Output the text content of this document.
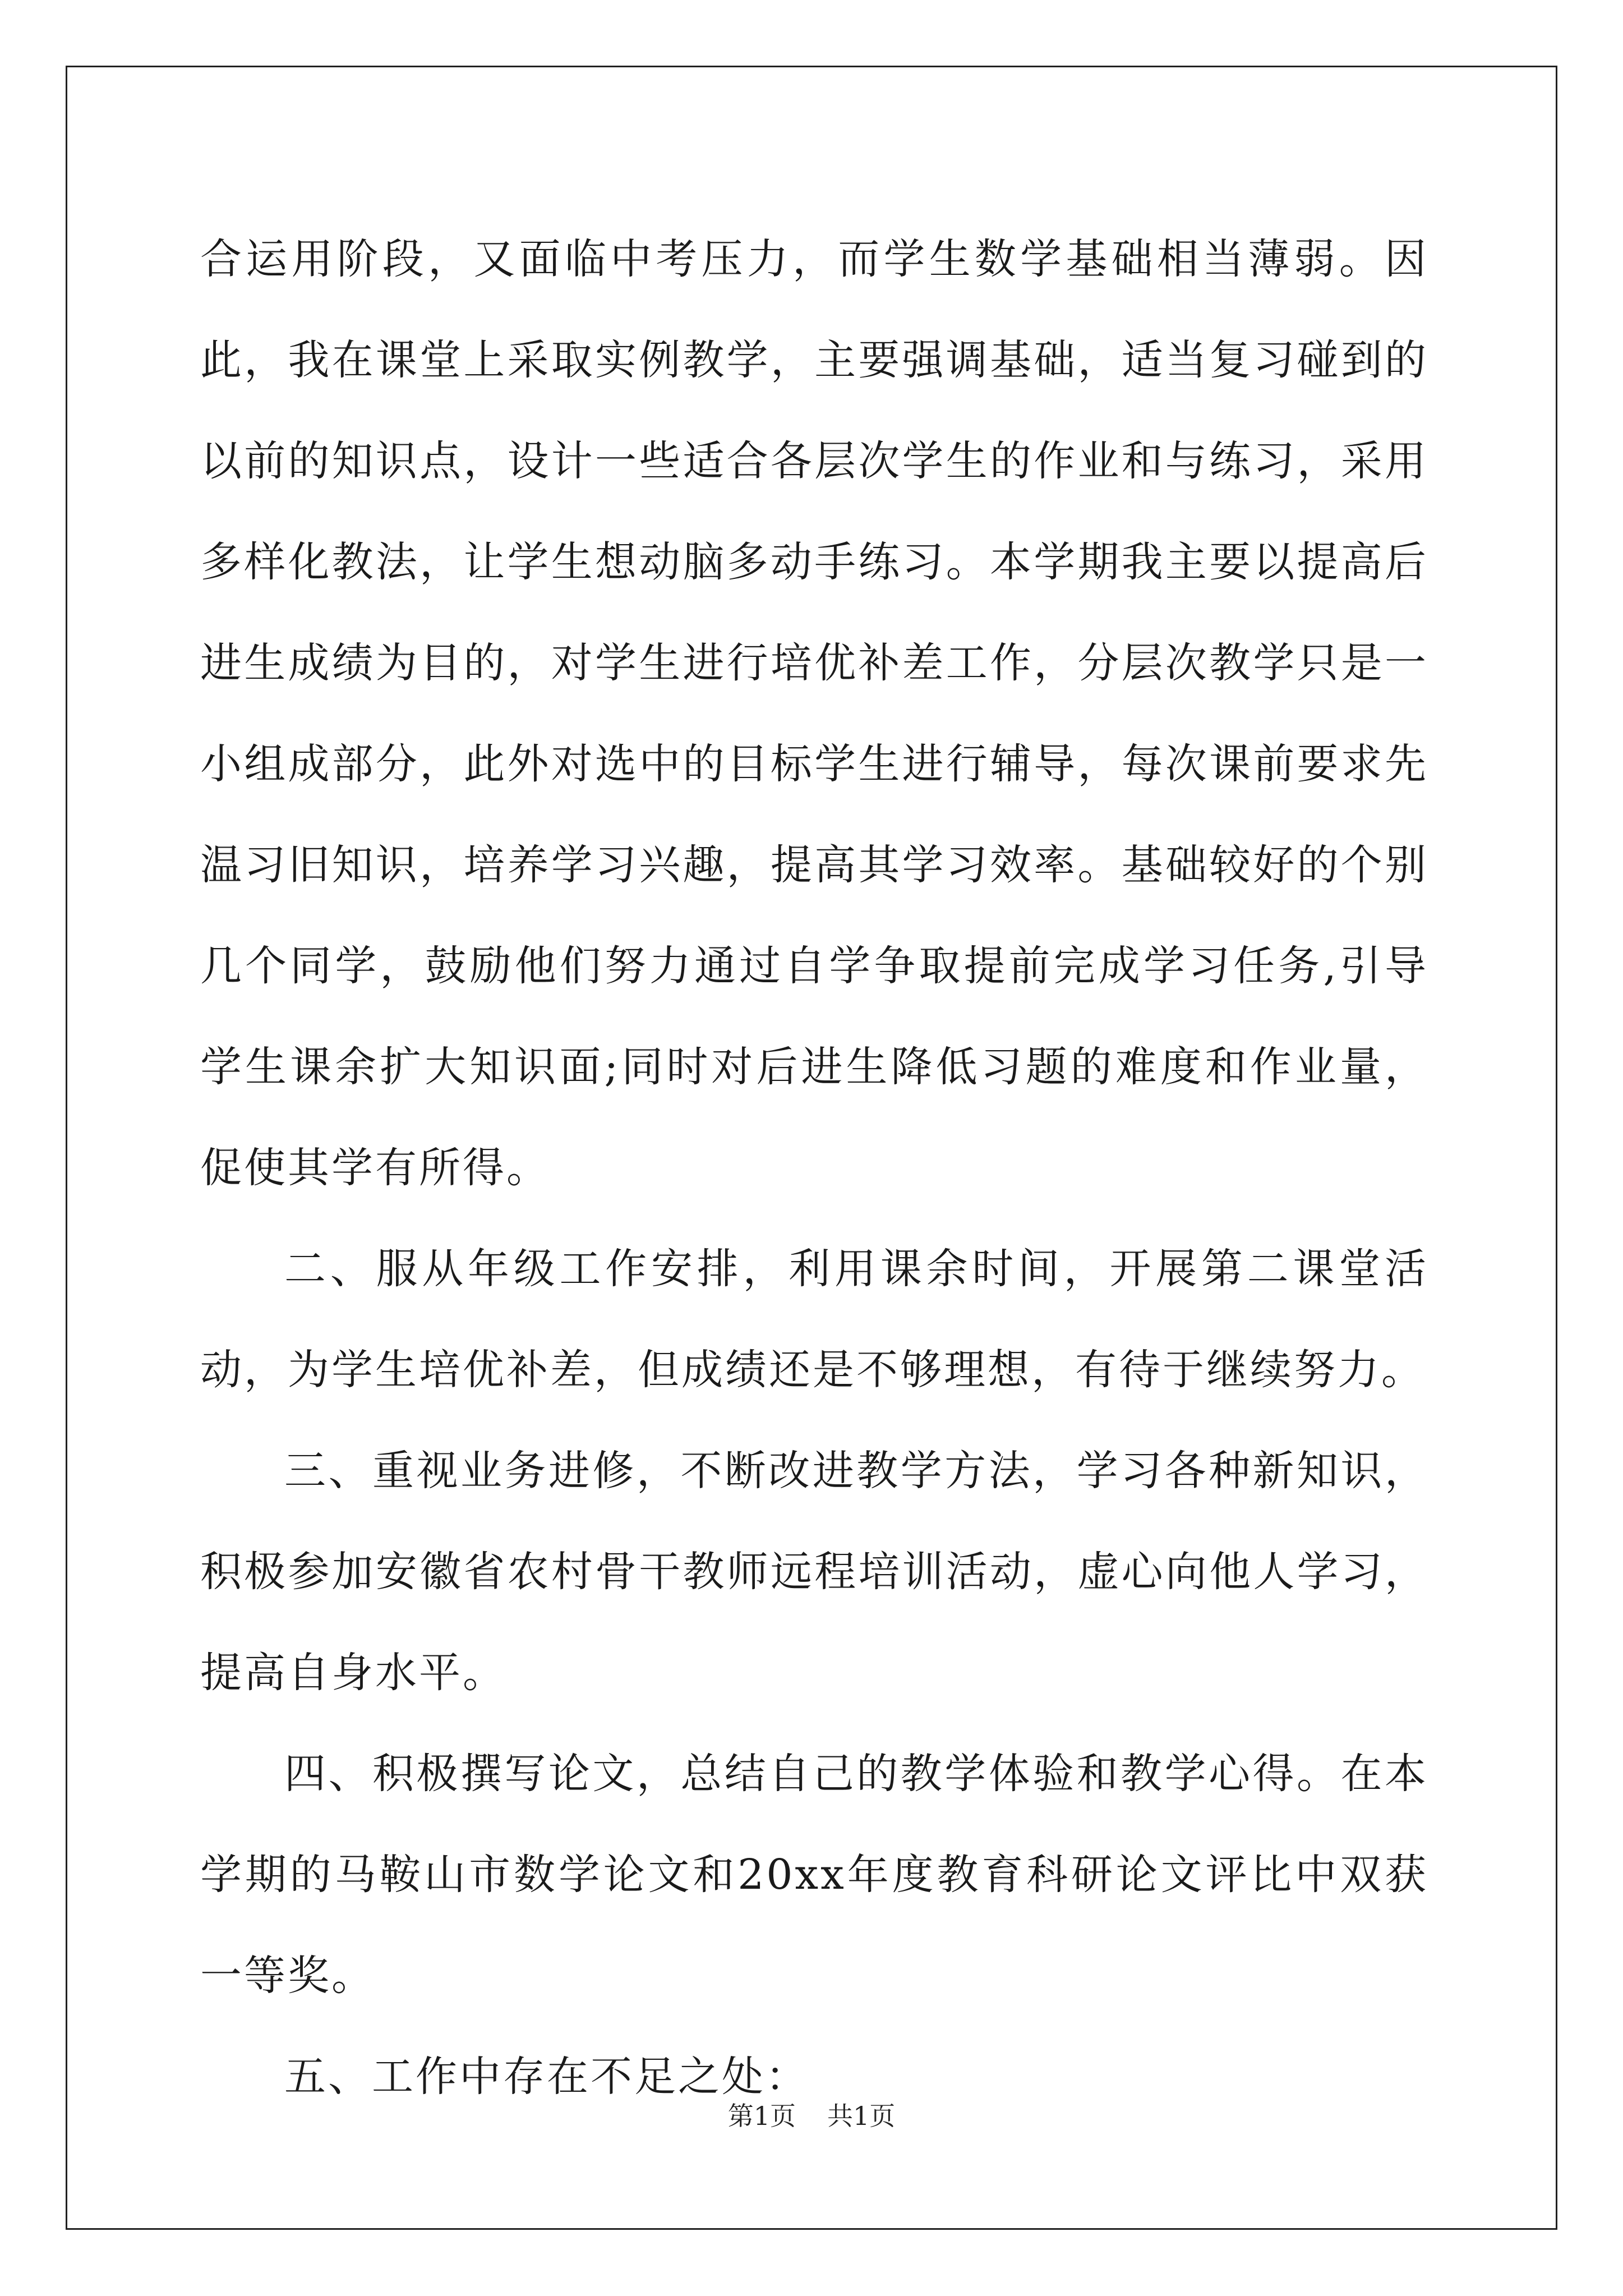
合运用阶段，又面临中考压力，而学生数学基础相当薄弱。因此，我在课堂上采取实例教学，主要强调基础，适当复习碰到的以前的知识点，设计一些适合各层次学生的作业和与练习，采用多样化教法，让学生想动脑多动手练习。本学期我主要以提高后进生成绩为目的，对学生进行培优补差工作，分层次教学只是一小组成部分，此外对选中的目标学生进行辅导，每次课前要求先温习旧知识，培养学习兴趣，提高其学习效率。基础较好的个别几个同学，鼓励他们努力通过自学争取提前完成学习任务,引导学生课余扩大知识面;同时对后进生降低习题的难度和作业量，促使其学有所得。

二、服从年级工作安排，利用课余时间，开展第二课堂活动，为学生培优补差，但成绩还是不够理想，有待于继续努力。

三、重视业务进修，不断改进教学方法，学习各种新知识，积极参加安徽省农村骨干教师远程培训活动，虚心向他人学习，提高自身水平。

四、积极撰写论文，总结自己的教学体验和教学心得。在本学期的马鞍山市数学论文和20xx年度教育科研论文评比中双获一等奖。

五、工作中存在不足之处：

第1页 共1页
